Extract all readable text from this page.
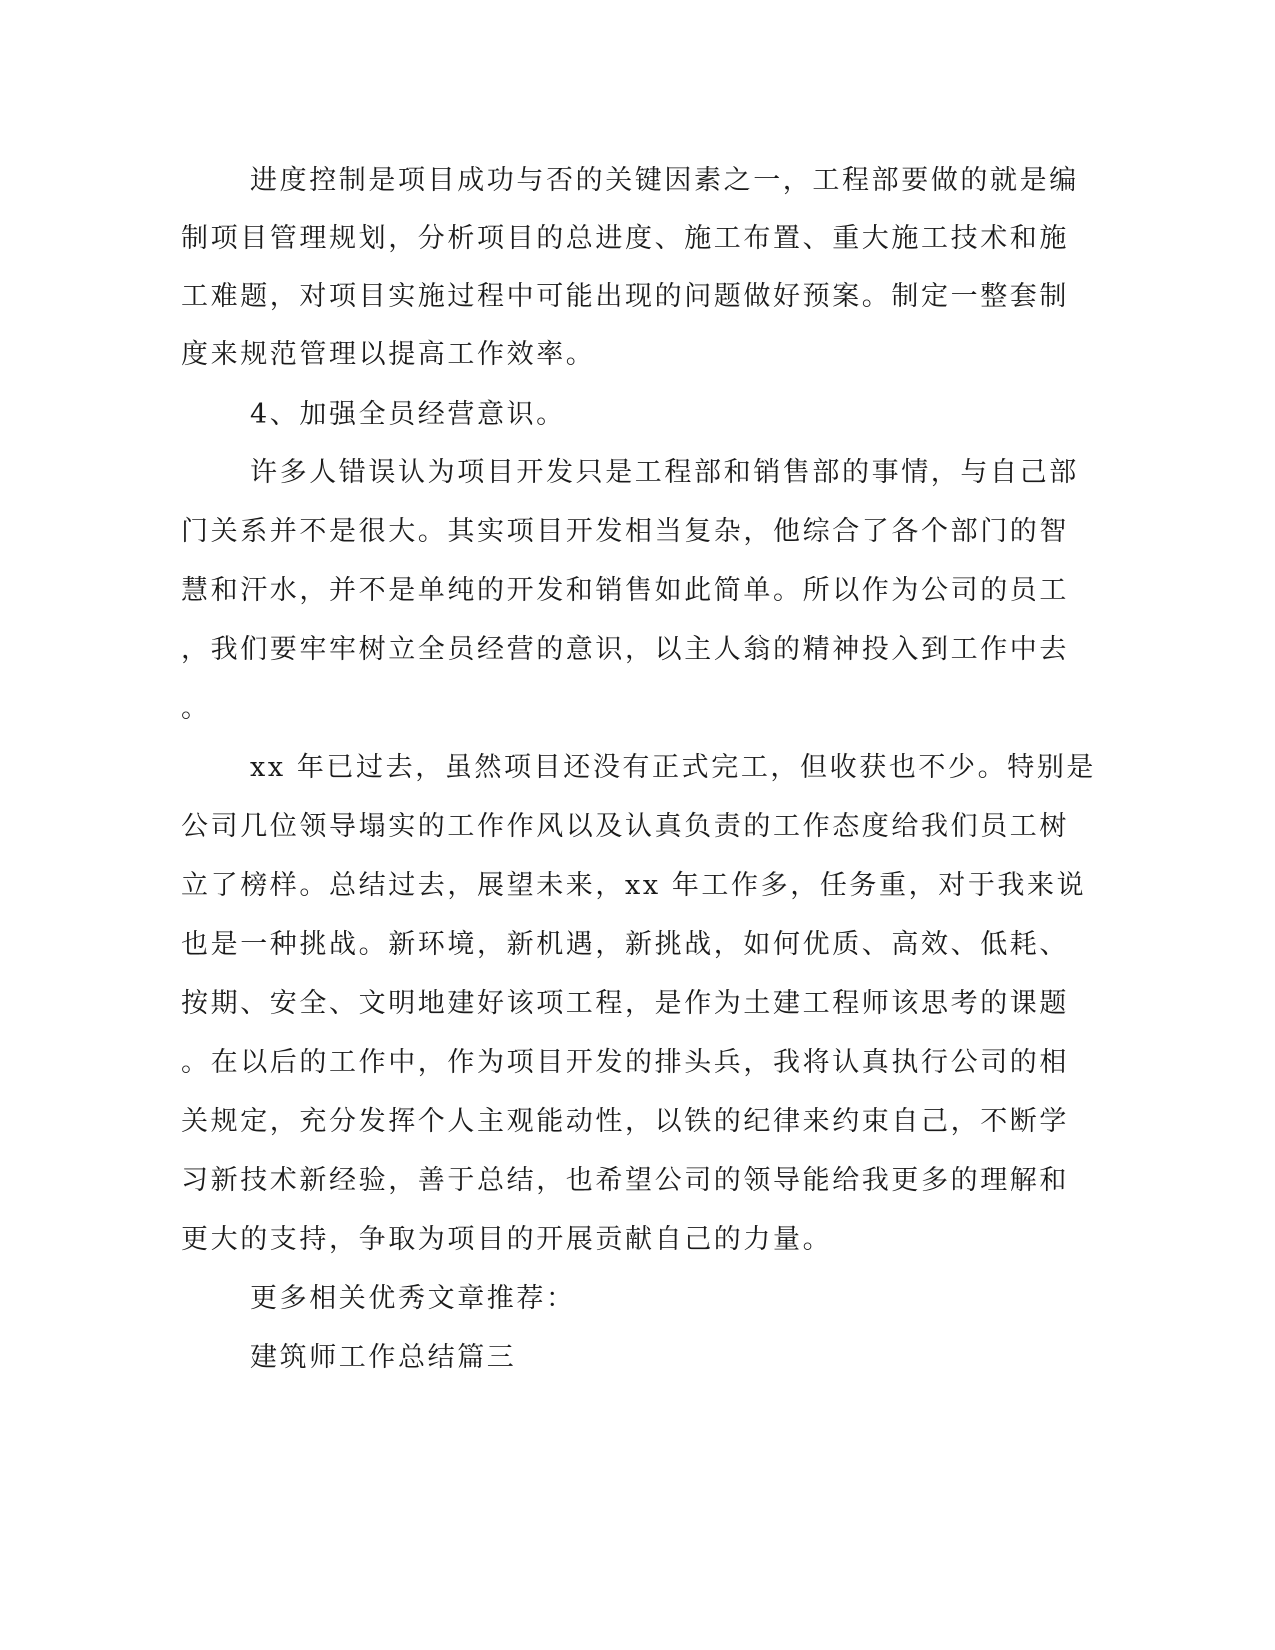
进度控制是项目成功与否的关键因素之一，工程部要做的就是编
制项目管理规划，分析项目的总进度、施工布置、重大施工技术和施
工难题，对项目实施过程中可能出现的问题做好预案。制定一整套制
度来规范管理以提高工作效率。
4、加强全员经营意识。
许多人错误认为项目开发只是工程部和销售部的事情，与自己部
门关系并不是很大。其实项目开发相当复杂，他综合了各个部门的智
慧和汗水，并不是单纯的开发和销售如此简单。所以作为公司的员工
，我们要牢牢树立全员经营的意识，以主人翁的精神投入到工作中去
。
xx 年已过去，虽然项目还没有正式完工，但收获也不少。特别是
公司几位领导塌实的工作作风以及认真负责的工作态度给我们员工树
立了榜样。总结过去，展望未来，xx 年工作多，任务重，对于我来说
也是一种挑战。新环境，新机遇，新挑战，如何优质、高效、低耗、
按期、安全、文明地建好该项工程，是作为土建工程师该思考的课题
。在以后的工作中，作为项目开发的排头兵，我将认真执行公司的相
关规定，充分发挥个人主观能动性，以铁的纪律来约束自己，不断学
习新技术新经验，善于总结，也希望公司的领导能给我更多的理解和
更大的支持，争取为项目的开展贡献自己的力量。
更多相关优秀文章推荐：
建筑师工作总结篇三
